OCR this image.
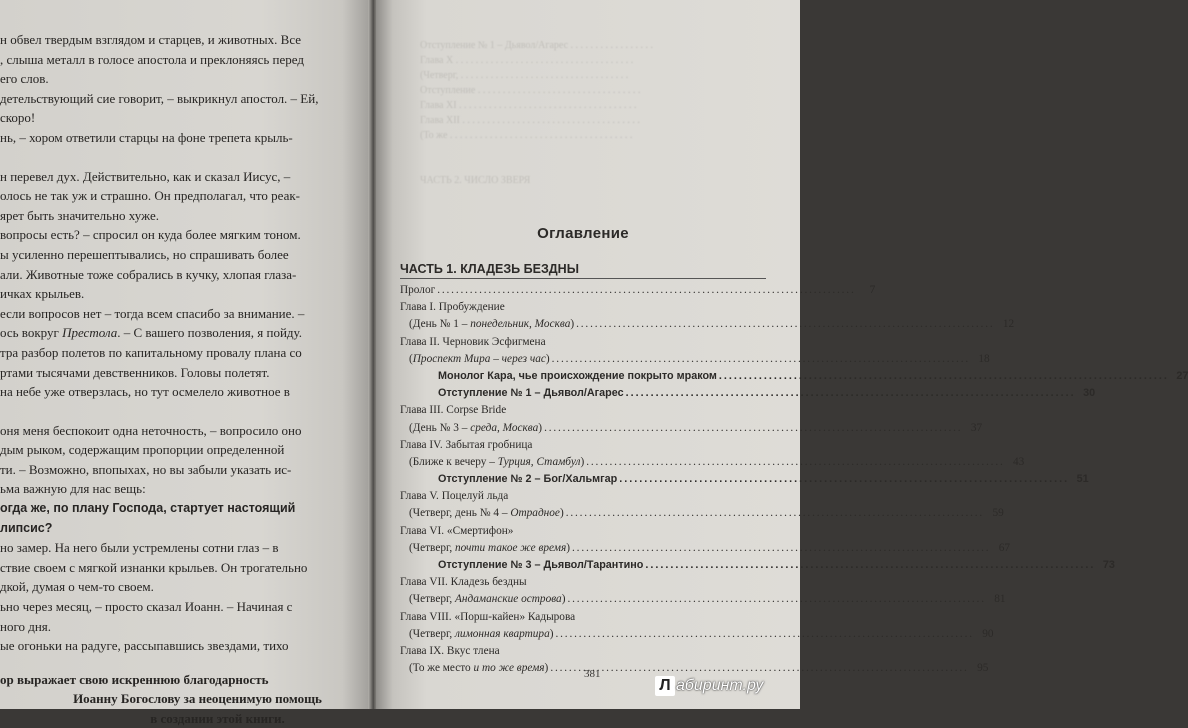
н обвел твердым взглядом и старцев, и животных. Все
, слыша металл в голосе апостола и преклоняясь перед
его слов.
детельствующий сие говорит, – выкрикнул апостол. – Ей,
скоро!
нь, – хором ответили старцы на фоне трепета крыль-
н перевел дух. Действительно, как и сказал Иисус, –
олось не так уж и страшно. Он предполагал, что реак-
ярет быть значительно хуже.
вопросы есть? – спросил он куда более мягким тоном.
ы усиленно перешептывались, но спрашивать более
али. Животные тоже собрались в кучку, хлопая глаза-
ичках крыльев.
если вопросов нет – тогда всем спасибо за внимание. –
ось вокруг Престола. – С вашего позволения, я пойду.
тра разбор полетов по капитальному провалу плана со
ртами тысячами девственников. Головы полетят.
на небе уже отверзлась, но тут осмелело животное в
оня меня беспокоит одна неточность, – вопросило оно
дым рыком, содержащим пропорции определенной
ти. – Возможно, впопыхах, но вы забыли указать ис-
ьма важную для нас вещь:
огда же, по плану Господа, стартует настоящий
липсис?
но замер. На него были устремлены сотни глаз – в
ствие своем с мягкой изнанки крыльев. Он трогательно
дкой, думая о чем-то своем.
ьно через месяц, – просто сказал Иоанн. – Начиная с
ного дня.
ые огоньки на радуге, рассыпавшись звездами, тихо
ор выражает свою искреннюю благодарность
Иоанну Богослову за неоценимую помощь
в создании этой книги.
Отступление № 1 – Дьявол/Агарес . . . . . . . . . . . . . . . . .
Глава X . . . . . . . . . . . . . . . . . . . . . . . . . . . . . . . . . . . .
(Четверг, . . . . . . . . . . . . . . . . . . . . . . . . . . . . . . . . . .
Отступление . . . . . . . . . . . . . . . . . . . . . . . . . . . . . . . . .
Глава XI . . . . . . . . . . . . . . . . . . . . . . . . . . . . . . . . . . . .
Глава XII . . . . . . . . . . . . . . . . . . . . . . . . . . . . . . . . . . . .
(То же . . . . . . . . . . . . . . . . . . . . . . . . . . . . . . . . . . . . .
ЧАСТЬ 2. ЧИСЛО ЗВЕРЯ
Оглавление
ЧАСТЬ 1. КЛАДЕЗЬ БЕЗДНЫ
Пролог . . .	7
Глава I. Пробуждение
(День № 1 – понедельник, Москва) . . .	12
Глава II. Черновик Эсфигмена
(Проспект Мира – через час) . . .	18
Монолог Кара, чье происхождение покрыто мраком . . .	27
Отступление № 1 – Дьявол/Агарес . . .	30
Глава III. Corpse Bride
(День № 3 – среда, Москва) . . .	37
Глава IV. Забытая гробница
(Ближе к вечеру – Турция, Стамбул) . . .	43
Отступление № 2 – Бог/Хальмгар . . .	51
Глава V. Поцелуй льда
(Четверг, день № 4 – Отрадное) . . .	59
Глава VI. «Смертифон»
(Четверг, почти такое же время) . . .	67
Отступление № 3 – Дьявол/Тарантино . . .	73
Глава VII. Кладезь бездны
(Четверг, Андаманские острова) . . .	81
Глава VIII. «Порш-кайен» Кадырова
(Четверг, лимонная квартира) . . .	90
Глава IX. Вкус тлена
(То же место и то же время) . . .	95
381
Л абиринт.ру
